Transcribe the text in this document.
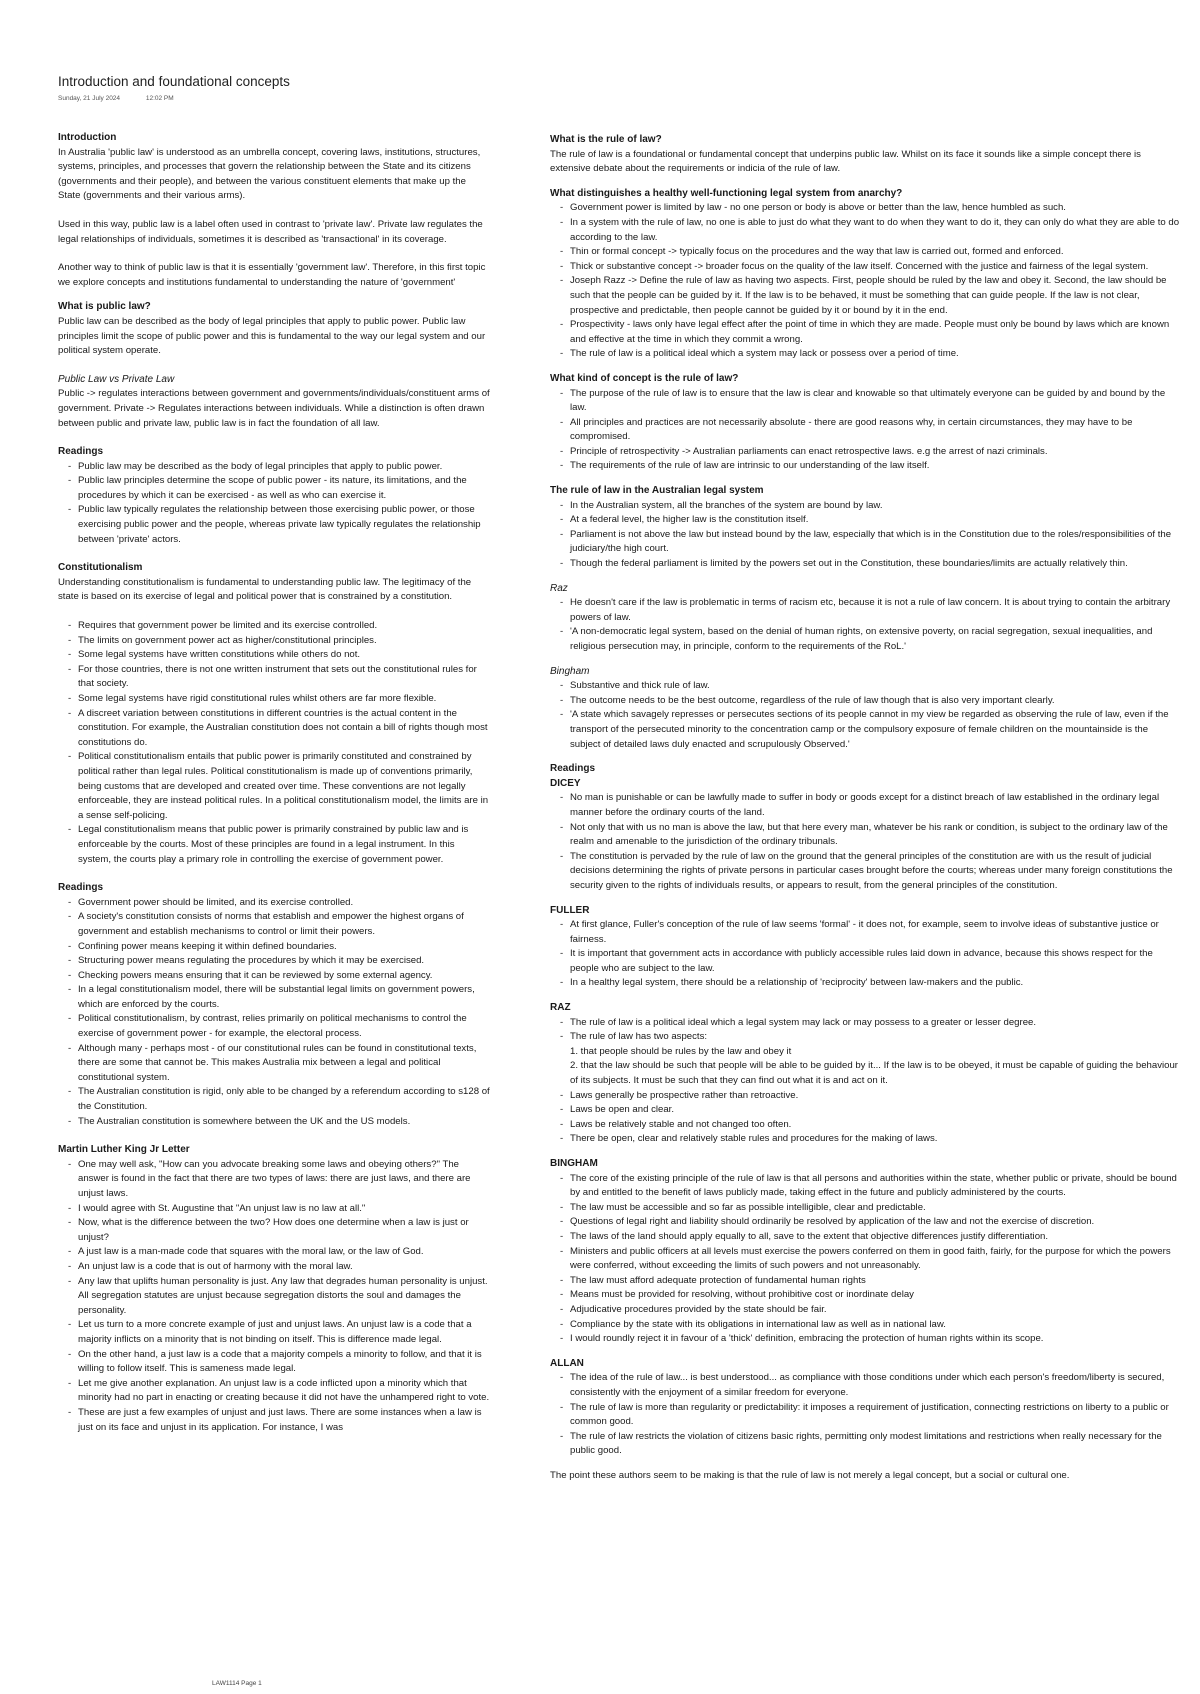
Introduction and foundational concepts
Sunday, 21 July 2024	12:02 PM
Introduction

In Australia 'public law' is understood as an umbrella concept, covering laws, institutions, structures, systems, principles, and processes that govern the relationship between the State and its citizens (governments and their people), and between the various constituent elements that make up the State (governments and their various arms).

Used in this way, public law is a label often used in contrast to 'private law'. Private law regulates the legal relationships of individuals, sometimes it is described as 'transactional' in its coverage.

Another way to think of public law is that it is essentially 'government law'. Therefore, in this first topic we explore concepts and institutions fundamental to understanding the nature of 'government'

What is public law?

Public law can be described as the body of legal principles that apply to public power. Public law principles limit the scope of public power and this is fundamental to the way our legal system and our political system operate.

Public Law vs Private Law

Public -> regulates interactions between government and governments/individuals/constituent arms of government. Private -> Regulates interactions between individuals. While a distinction is often drawn between public and private law, public law is in fact the foundation of all law.

Readings
- Public law may be described as the body of legal principles that apply to public power.
- Public law principles determine the scope of public power - its nature, its limitations, and the procedures by which it can be exercised - as well as who can exercise it.
- Public law typically regulates the relationship between those exercising public power, or those exercising public power and the people, whereas private law typically regulates the relationship between 'private' actors.
Constitutionalism

Understanding constitutionalism is fundamental to understanding public law. The legitimacy of the state is based on its exercise of legal and political power that is constrained by a constitution.

- Requires that government power be limited and its exercise controlled.
- The limits on government power act as higher/constitutional principles.
- Some legal systems have written constitutions while others do not.
- For those countries, there is not one written instrument that sets out the constitutional rules for that society.
- Some legal systems have rigid constitutional rules whilst others are far more flexible.
- A discreet variation between constitutions in different countries is the actual content in the constitution. For example, the Australian constitution does not contain a bill of rights though most constitutions do.
- Political constitutionalism entails that public power is primarily constituted and constrained by political rather than legal rules. Political constitutionalism is made up of conventions primarily, being customs that are developed and created over time. These conventions are not legally enforceable, they are instead political rules. In a political constitutionalism model, the limits are in a sense self-policing.
- Legal constitutionalism means that public power is primarily constrained by public law and is enforceable by the courts. Most of these principles are found in a legal instrument. In this system, the courts play a primary role in controlling the exercise of government power.
Readings
- Government power should be limited, and its exercise controlled.
- A society's constitution consists of norms that establish and empower the highest organs of government and establish mechanisms to control or limit their powers.
- Confining power means keeping it within defined boundaries.
- Structuring power means regulating the procedures by which it may be exercised.
- Checking powers means ensuring that it can be reviewed by some external agency.
- In a legal constitutionalism model, there will be substantial legal limits on government powers, which are enforced by the courts.
- Political constitutionalism, by contrast, relies primarily on political mechanisms to control the exercise of government power - for example, the electoral process.
- Although many - perhaps most - of our constitutional rules can be found in constitutional texts, there are some that cannot be. This makes Australia mix between a legal and political constitutional system.
- The Australian constitution is rigid, only able to be changed by a referendum according to s128 of the Constitution.
- The Australian constitution is somewhere between the UK and the US models.
Martin Luther King Jr Letter
- One may well ask, "How can you advocate breaking some laws and obeying others?" The answer is found in the fact that there are two types of laws: there are just laws, and there are unjust laws.
- I would agree with St. Augustine that "An unjust law is no law at all."
- Now, what is the difference between the two? How does one determine when a law is just or unjust?
- A just law is a man-made code that squares with the moral law, or the law of God.
- An unjust law is a code that is out of harmony with the moral law.
- Any law that uplifts human personality is just. Any law that degrades human personality is unjust. All segregation statutes are unjust because segregation distorts the soul and damages the personality.
- Let us turn to a more concrete example of just and unjust laws. An unjust law is a code that a majority inflicts on a minority that is not binding on itself. This is difference made legal.
- On the other hand, a just law is a code that a majority compels a minority to follow, and that it is willing to follow itself. This is sameness made legal.
- Let me give another explanation. An unjust law is a code inflicted upon a minority which that minority had no part in enacting or creating because it did not have the unhampered right to vote.
- These are just a few examples of unjust and just laws. There are some instances when a law is just on its face and unjust in its application. For instance, I was
What is the rule of law?

The rule of law is a foundational or fundamental concept that underpins public law. Whilst on its face it sounds like a simple concept there is extensive debate about the requirements or indicia of the rule of law.

What distinguishes a healthy well-functioning legal system from anarchy?
- Government power is limited by law - no one person or body is above or better than the law, hence humbled as such.
- In a system with the rule of law, no one is able to just do what they want to do when they want to do it, they can only do what they are able to do according to the law.
- Thin or formal concept -> typically focus on the procedures and the way that law is carried out, formed and enforced.
- Thick or substantive concept -> broader focus on the quality of the law itself. Concerned with the justice and fairness of the legal system.
- Joseph Razz -> Define the rule of law as having two aspects. First, people should be ruled by the law and obey it. Second, the law should be such that the people can be guided by it. If the law is to be behaved, it must be something that can guide people. If the law is not clear, prospective and predictable, then people cannot be guided by it or bound by it in the end.
- Prospectivity - laws only have legal effect after the point of time in which they are made. People must only be bound by laws which are known and effective at the time in which they commit a wrong.
- The rule of law is a political ideal which a system may lack or possess over a period of time.
What kind of concept is the rule of law?
- The purpose of the rule of law is to ensure that the law is clear and knowable so that ultimately everyone can be guided by and bound by the law.
- All principles and practices are not necessarily absolute - there are good reasons why, in certain circumstances, they may have to be compromised.
- Principle of retrospectivity -> Australian parliaments can enact retrospective laws. e.g the arrest of nazi criminals.
- The requirements of the rule of law are intrinsic to our understanding of the law itself.
The rule of law in the Australian legal system
- In the Australian system, all the branches of the system are bound by law.
- At a federal level, the higher law is the constitution itself.
- Parliament is not above the law but instead bound by the law, especially that which is in the Constitution due to the roles/responsibilities of the judiciary/the high court.
- Though the federal parliament is limited by the powers set out in the Constitution, these boundaries/limits are actually relatively thin.
Raz
- He doesn't care if the law is problematic in terms of racism etc, because it is not a rule of law concern. It is about trying to contain the arbitrary powers of law.
- 'A non-democratic legal system, based on the denial of human rights, on extensive poverty, on racial segregation, sexual inequalities, and religious persecution may, in principle, conform to the requirements of the RoL.'
Bingham
- Substantive and thick rule of law.
- The outcome needs to be the best outcome, regardless of the rule of law though that is also very important clearly.
- 'A state which savagely represses or persecutes sections of its people cannot in my view be regarded as observing the rule of law, even if the transport of the persecuted minority to the concentration camp or the compulsory exposure of female children on the mountainside is the subject of detailed laws duly enacted and scrupulously Observed.'
Readings
DICEY
- No man is punishable or can be lawfully made to suffer in body or goods except for a distinct breach of law established in the ordinary legal manner before the ordinary courts of the land.
- Not only that with us no man is above the law, but that here every man, whatever be his rank or condition, is subject to the ordinary law of the realm and amenable to the jurisdiction of the ordinary tribunals.
- The constitution is pervaded by the rule of law on the ground that the general principles of the constitution are with us the result of judicial decisions determining the rights of private persons in particular cases brought before the courts; whereas under many foreign constitutions the security given to the rights of individuals results, or appears to result, from the general principles of the constitution.
FULLER
- At first glance, Fuller's conception of the rule of law seems 'formal' - it does not, for example, seem to involve ideas of substantive justice or fairness.
- It is important that government acts in accordance with publicly accessible rules laid down in advance, because this shows respect for the people who are subject to the law.
- In a healthy legal system, there should be a relationship of 'reciprocity' between law-makers and the public.
RAZ
- The rule of law is a political ideal which a legal system may lack or may possess to a greater or lesser degree.
- The rule of law has two aspects:
1. that people should be rules by the law and obey it
2. that the law should be such that people will be able to be guided by it... If the law is to be obeyed, it must be capable of guiding the behaviour of its subjects. It must be such that they can find out what it is and act on it.
- Laws generally be prospective rather than retroactive.
- Laws be open and clear.
- Laws be relatively stable and not changed too often.
- There be open, clear and relatively stable rules and procedures for the making of laws.
BINGHAM
- The core of the existing principle of the rule of law is that all persons and authorities within the state, whether public or private, should be bound by and entitled to the benefit of laws publicly made, taking effect in the future and publicly administered by the courts.
- The law must be accessible and so far as possible intelligible, clear and predictable.
- Questions of legal right and liability should ordinarily be resolved by application of the law and not the exercise of discretion.
- The laws of the land should apply equally to all, save to the extent that objective differences justify differentiation.
- Ministers and public officers at all levels must exercise the powers conferred on them in good faith, fairly, for the purpose for which the powers were conferred, without exceeding the limits of such powers and not unreasonably.
- The law must afford adequate protection of fundamental human rights
- Means must be provided for resolving, without prohibitive cost or inordinate delay
- Adjudicative procedures provided by the state should be fair.
- Compliance by the state with its obligations in international law as well as in national law.
- I would roundly reject it in favour of a 'thick' definition, embracing the protection of human rights within its scope.
ALLAN
- The idea of the rule of law... is best understood... as compliance with those conditions under which each person's freedom/liberty is secured, consistently with the enjoyment of a similar freedom for everyone.
- The rule of law is more than regularity or predictability: it imposes a requirement of justification, connecting restrictions on liberty to a public or common good.
- The rule of law restricts the violation of citizens basic rights, permitting only modest limitations and restrictions when really necessary for the public good.

The point these authors seem to be making is that the rule of law is not merely a legal concept, but a social or cultural one.

LAW1114 Page 1
